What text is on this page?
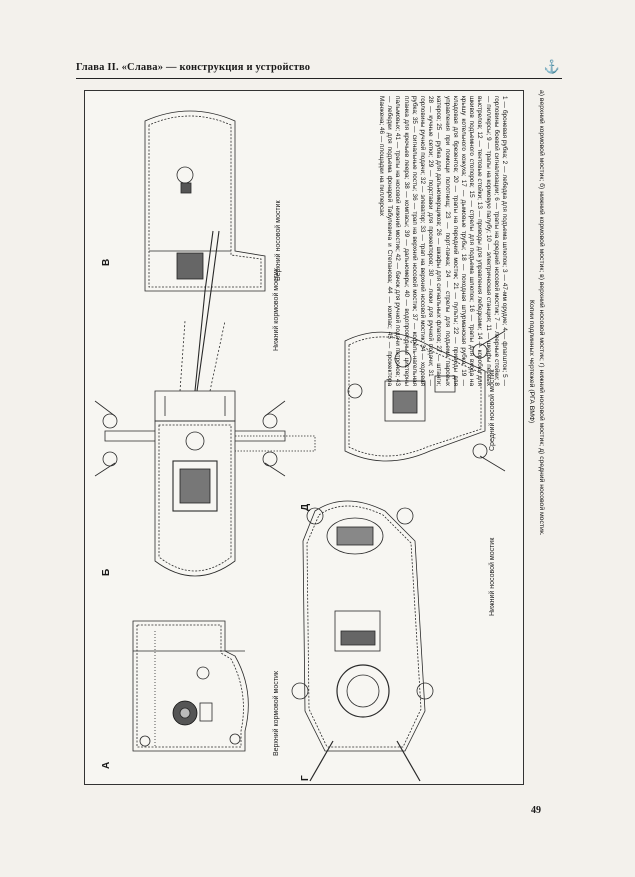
Глава II. «Слава» — конструкция и устройство	⚓
А
Б
В
Г
Д
Верхний кормовой мостик
Нижний кормовой мостик
Верхний носовой мостик
Нижний носовой мостик
Средний носовой мостик
1 — броневая рубка; 2 — лебедка для подъема шлюпок; 3 — 47-мм орудие; 4 — флагшток; 5 — горловины боевой сигнализации; 6 — трапы на средний носовой мостик; 7 — леерные стойки; 8 — пиллерсы; 9 — трапы на кормовую палубу; 10 — электрическая станция; 11 — шкафы первых выстрелов; 12 — тентовые стойки; 13 — приводы для управления лебедками; 14 — коробки для шкивов подъемного стопоров; 15 — стрелы для подъема шлюпок; 16 — трапы для входа на крышу котельного кожуха; 17 — дымовые трубы; 18 — походная штурманская рубка; 19 — кладовая для брезентов; 20 — трапы на передний мостик; 21 — пульты; 22 — приводы для управления при помощи полотнищ; 23 — порт-пачка; 24 — стрелы для подъема паровых катеров; 25 — рубка для дальномерщиков; 26 — шкафы для сигнальных флагов; 27 — штанги; 28 — кучные сетки; 29 — подставки для прожекторов; 30 — люки для ручной подачи; 31 — горловины ручной подачи; 32 — элеватор; 33 — трап на верхний носовой мостик; 34 — ходовая рубка; 35 — сигнальные посты; 36 — трап на верхний носовой мостик; 37 — кофель-нагельная планка для крючьев леера; 38 — компасы; 39 — дальномеры; 40 — водопроводные цистерны пальмовых; 41 — трапы на носовой нижний мостик; 42 — бачок для ручной подачи патронов; 43 — лебедки для подъема фонарей Табулевича и Степанова; 44 — компас; 45 — прожектора Манжена; 46 — площадки на пиллерсах	а) верхний кормовой мостик; б) нижний кормовой мостик; в) верхний носовой мостик; г) нижний носовой мостик; д) средний носовой мостик.
Копии подлинных чертежей (РГА ВМФ)
49
